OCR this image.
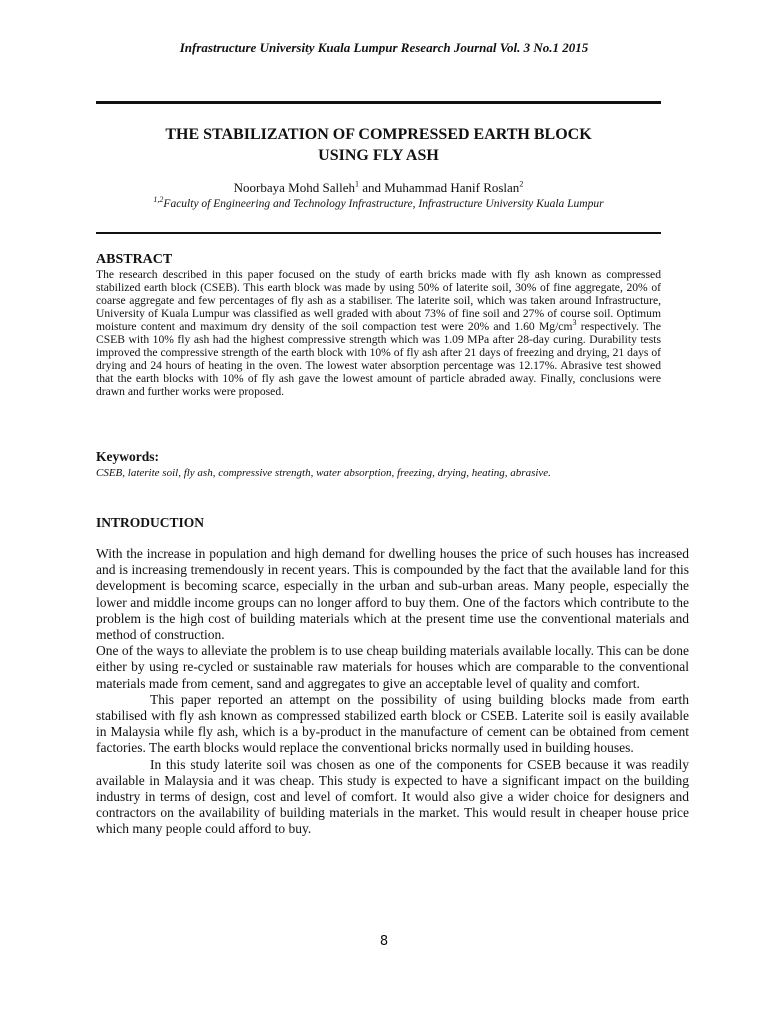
Infrastructure University Kuala Lumpur Research Journal Vol. 3 No.1 2015
THE STABILIZATION OF COMPRESSED EARTH BLOCK
USING FLY ASH
Noorbaya Mohd Salleh$^1$ and Muhammad Hanif Roslan$^2$
$^{1,2}$Faculty of Engineering and Technology Infrastructure, Infrastructure University Kuala Lumpur
ABSTRACT

The research described in this paper focused on the study of earth bricks made with fly ash known as compressed stabilized earth block (CSEB). This earth block was made by using 50% of laterite soil, 30% of fine aggregate, 20% of coarse aggregate and few percentages of fly ash as a stabiliser. The laterite soil, which was taken around Infrastructure, University of Kuala Lumpur was classified as well graded with about 73% of fine soil and 27% of course soil. Optimum moisture content and maximum dry density of the soil compaction test were 20% and 1.60 $Mg/cm^3$ respectively. The CSEB with 10% fly ash had the highest compressive strength which was 1.09 MPa after 28-day curing. Durability tests improved the compressive strength of the earth block with 10% of fly ash after 21 days of freezing and drying, 21 days of drying and 24 hours of heating in the oven. The lowest water absorption percentage was 12.17%. Abrasive test showed that the earth blocks with 10% of fly ash gave the lowest amount of particle abraded away. Finally, conclusions were drawn and further works were proposed.

Keywords:
CSEB, laterite soil, fly ash, compressive strength, water absorption, freezing, drying, heating, abrasive.
INTRODUCTION

With the increase in population and high demand for dwelling houses the price of such houses has increased and is increasing tremendously in recent years. This is compounded by the fact that the available land for this development is becoming scarce, especially in the urban and sub-urban areas. Many people, especially the lower and middle income groups can no longer afford to buy them. One of the factors which contribute to the problem is the high cost of building materials which at the present time use the conventional materials and method of construction.

One of the ways to alleviate the problem is to use cheap building materials available locally. This can be done either by using re-cycled or sustainable raw materials for houses which are comparable to the conventional materials made from cement, sand and aggregates to give an acceptable level of quality and comfort.

This paper reported an attempt on the possibility of using building blocks made from earth stabilised with fly ash known as compressed stabilized earth block or CSEB. Laterite soil is easily available in Malaysia while fly ash, which is a by-product in the manufacture of cement can be obtained from cement factories. The earth blocks would replace the conventional bricks normally used in building houses.

In this study laterite soil was chosen as one of the components for CSEB because it was readily available in Malaysia and it was cheap. This study is expected to have a significant impact on the building industry in terms of design, cost and level of comfort. It would also give a wider choice for designers and contractors on the availability of building materials in the market. This would result in cheaper house price which many people could afford to buy.

8
